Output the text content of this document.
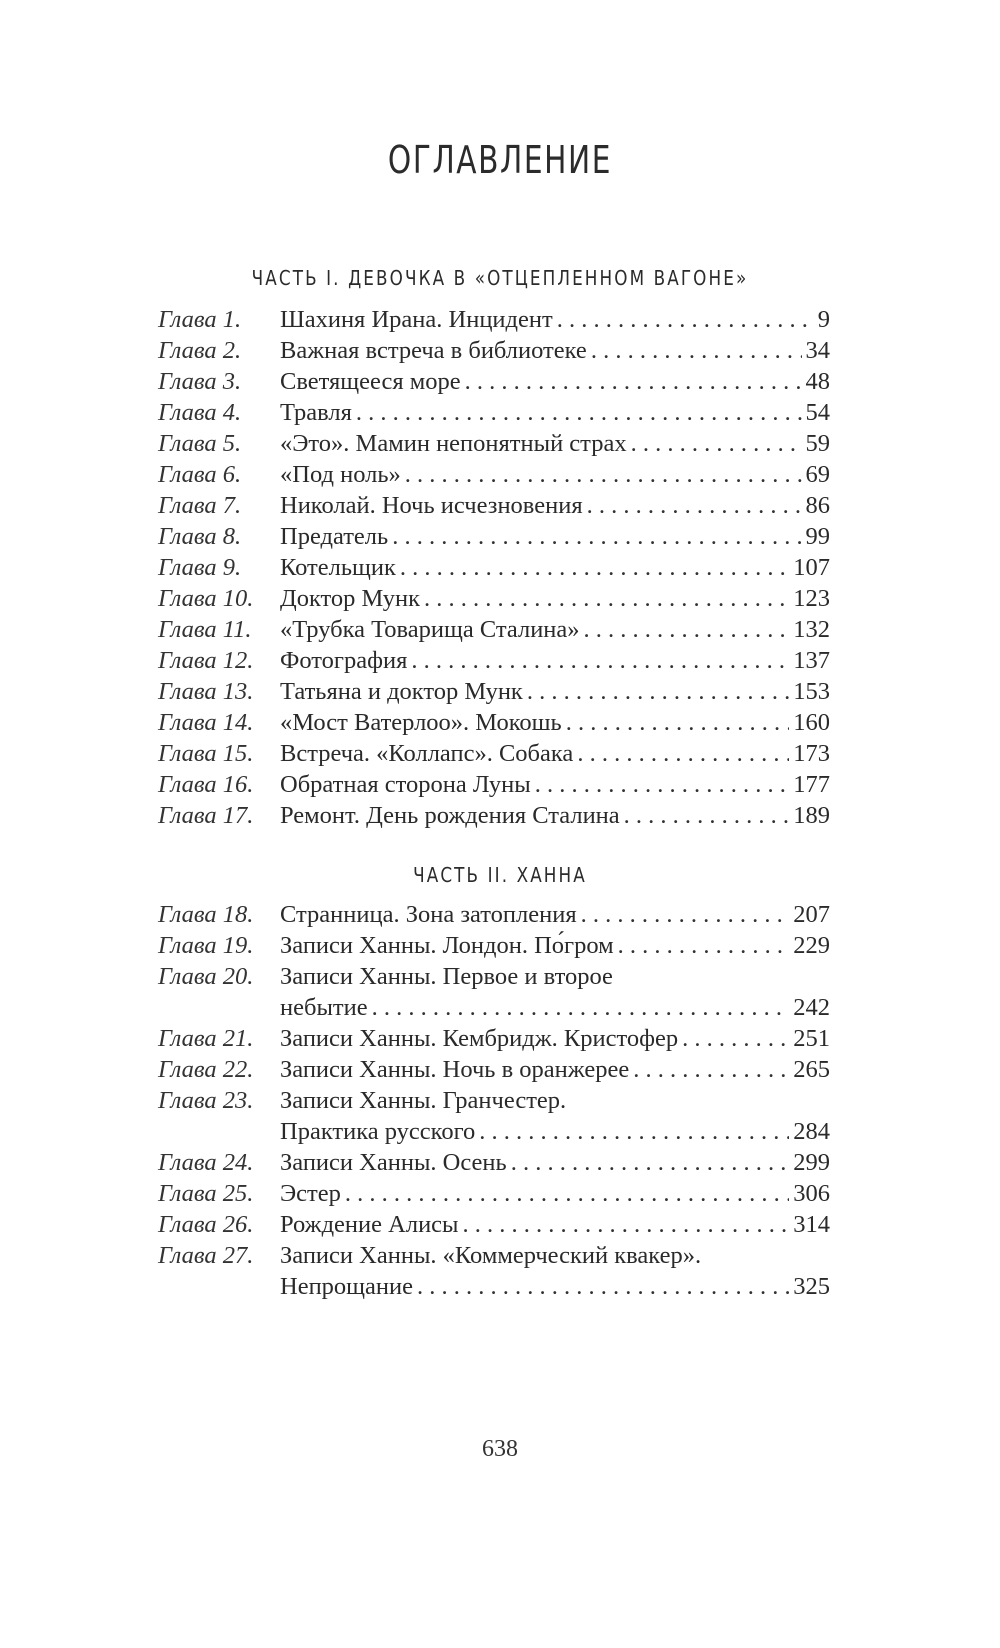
ОГЛАВЛЕНИЕ
ЧАСТЬ I. ДЕВОЧКА В «ОТЦЕПЛЕННОМ ВАГОНЕ»
Глава 1.	Шахиня Ирана. Инцидент . . .	9
Глава 2.	Важная встреча в библиотеке . . .	34
Глава 3.	Светящееся море . . .	48
Глава 4.	Травля . . .	54
Глава 5.	«Это». Мамин непонятный страх . . .	59
Глава 6.	«Под ноль» . . .	69
Глава 7.	Николай. Ночь исчезновения . . .	86
Глава 8.	Предатель . . .	99
Глава 9.	Котельщик . . .	107
Глава 10.	Доктор Мунк . . .	123
Глава 11.	«Трубка Товарища Сталина» . . .	132
Глава 12.	Фотография . . .	137
Глава 13.	Татьяна и доктор Мунк . . .	153
Глава 14.	«Мост Ватерлоо». Мокошь . . .	160
Глава 15.	Встреча. «Коллапс». Собака . . .	173
Глава 16.	Обратная сторона Луны . . .	177
Глава 17.	Ремонт. День рождения Сталина . . .	189
ЧАСТЬ II. ХАННА
Глава 18.	Странница. Зона затопления . . .	207
Глава 19.	Записи Ханны. Лондон. По́гром . . .	229
Глава 20.	Записи Ханны. Первое и второе
небытие . . .	242
Глава 21.	Записи Ханны. Кембридж. Кристофер . . .	251
Глава 22.	Записи Ханны. Ночь в оранжерее . . .	265
Глава 23.	Записи Ханны. Гранчестер.
Практика русского . . .	284
Глава 24.	Записи Ханны. Осень . . .	299
Глава 25.	Эстер . . .	306
Глава 26.	Рождение Алисы . . .	314
Глава 27.	Записи Ханны. «Коммерческий квакер».
Непрощание . . .	325
638
